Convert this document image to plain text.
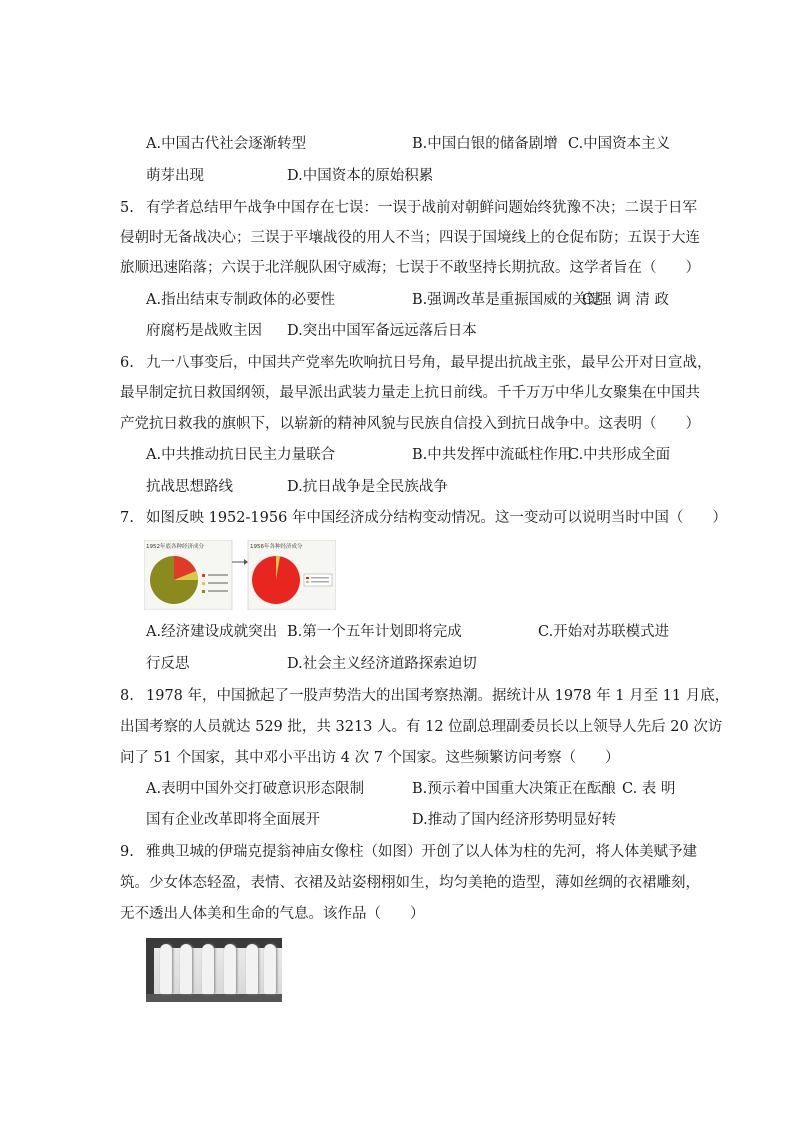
A.中国古代社会逐渐转型	B.中国白银的储备剧增 C.中国资本主义
萌芽出现	D.中国资本的原始积累
5. 有学者总结甲午战争中国存在七误：一误于战前对朝鲜问题始终犹豫不决；二误于日军
侵朝时无备战决心；三误于平壤战役的用人不当；四误于国境线上的仓促布防；五误于大连
旅顺迅速陷落；六误于北洋舰队困守威海；七误于不敢坚持长期抗敌。这学者旨在（　　）
A.指出结束专制政体的必要性	B.强调改革是重振国威的关键
C.强 调 清 政
府腐朽是战败主因 D.突出中国军备远远落后日本
6. 九一八事变后，中国共产党率先吹响抗日号角，最早提出抗战主张，最早公开对日宣战，
最早制定抗日救国纲领，最早派出武装力量走上抗日前线。千千万万中华儿女聚集在中国共
产党抗日救我的旗帜下，以崭新的精神风貌与民族自信投入到抗日战争中。这表明（　　）
A.中共推动抗日民主力量联合	B.中共发挥中流砥柱作用
C.中共形成全面
抗战思想路线	D.抗日战争是全民族战争
7. 如图反映 1952-1956 年中国经济成分结构变动情况。这一变动可以说明当时中国（　　）
1952年底各种经济成分	1956年各种经济成分
A.经济建设成就突出 B.第一个五年计划即将完成	C.开始对苏联模式进
行反思	D.社会主义经济道路探索迫切
8. 1978 年，中国掀起了一股声势浩大的出国考察热潮。据统计从 1978 年 1 月至 11 月底，
出国考察的人员就达 529 批，共 3213 人。有 12 位副总理副委员长以上领导人先后 20 次访
问了 51 个国家，其中邓小平出访 4 次 7 个国家。这些频繁访问考察（　　）
A.表明中国外交打破意识形态限制	B.预示着中国重大决策正在酝酿 C. 表 明
国有企业改革即将全面展开	D.推动了国内经济形势明显好转
9. 雅典卫城的伊瑞克提翁神庙女像柱（如图）开创了以人体为柱的先河，将人体美赋予建
筑。少女体态轻盈，表情、衣裙及站姿栩栩如生，均匀美艳的造型，薄如丝绸的衣裙雕刻，
无不透出人体美和生命的气息。该作品（　　）
